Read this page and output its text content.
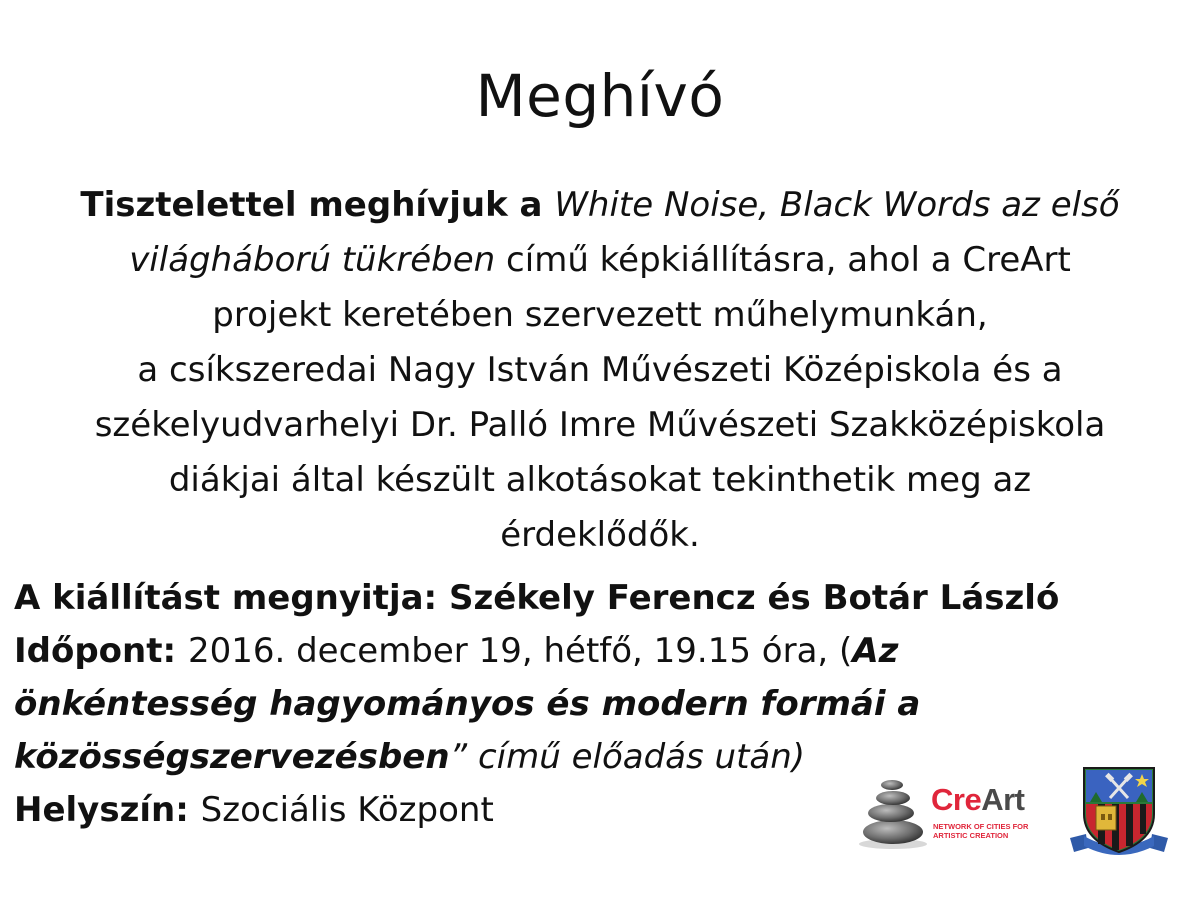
Meghívó
Tisztelettel meghívjuk a White Noise, Black Words az első világháború tükrében című képkiállításra, ahol a CreArt
projekt keretében szervezett műhelymunkán,
a csíkszeredai Nagy István Művészeti Középiskola és a
székelyudvarhelyi Dr. Palló Imre Művészeti Szakközépiskola
diákjai által készült alkotásokat tekinthetik meg az
érdeklődők.
A kiállítást megnyitja: Székely Ferencz és Botár László
Időpont: 2016. december 19, hétfő, 19.15 óra, (Az
önkéntesség hagyományos és modern formái a
közösségszervezésben” című előadás után)
Helyszín: Szociális Központ	CreArt
NETWORK OF CITIES FOR ARTISTIC CREATION
